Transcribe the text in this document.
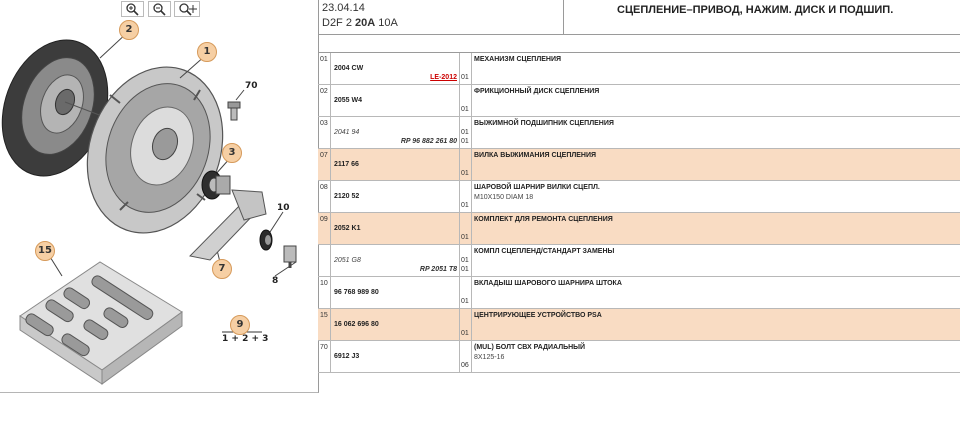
1
2
3
7
9
15
70
10
8
1 + 2 + 3
23.04.14
D2F 2 20A 10A
СЦЕПЛЕНИЕ–ПРИВОД, НАЖИМ. ДИСК И ПОДШИП.
01
2004 CW
LE-2012 01
МЕХАНИЗМ СЦЕПЛЕНИЯ
02
2055 W4
01
ФРИКЦИОННЫЙ ДИСК СЦЕПЛЕНИЯ
03
2041 94
RP 96 882 261 80
01
01
ВЫЖИМНОЙ ПОДШИПНИК СЦЕПЛЕНИЯ
07
2117 66
01
ВИЛКА ВЫЖИМАНИЯ СЦЕПЛЕНИЯ
08
2120 52
01
ШАРОВОЙ ШАРНИР ВИЛКИ СЦЕПЛ.
M10X150 DIAM 18
09
2052 K1
01
КОМПЛЕКТ ДЛЯ РЕМОНТА СЦЕПЛЕНИЯ
2051 G8
RP 2051 T8
01
01
КОМПЛ СЦЕПЛЕНД/СТАНДАРТ ЗАМЕНЫ
10
96 768 989 80
01
ВКЛАДЫШ ШАРОВОГО ШАРНИРА ШТОКА
15
16 062 696 80
01
ЦЕНТРИРУЮЩЕЕ УСТРОЙСТВО PSA
70
6912 J3
06
(MUL) БОЛТ СВХ РАДИАЛЬНЫЙ
8X125-16
